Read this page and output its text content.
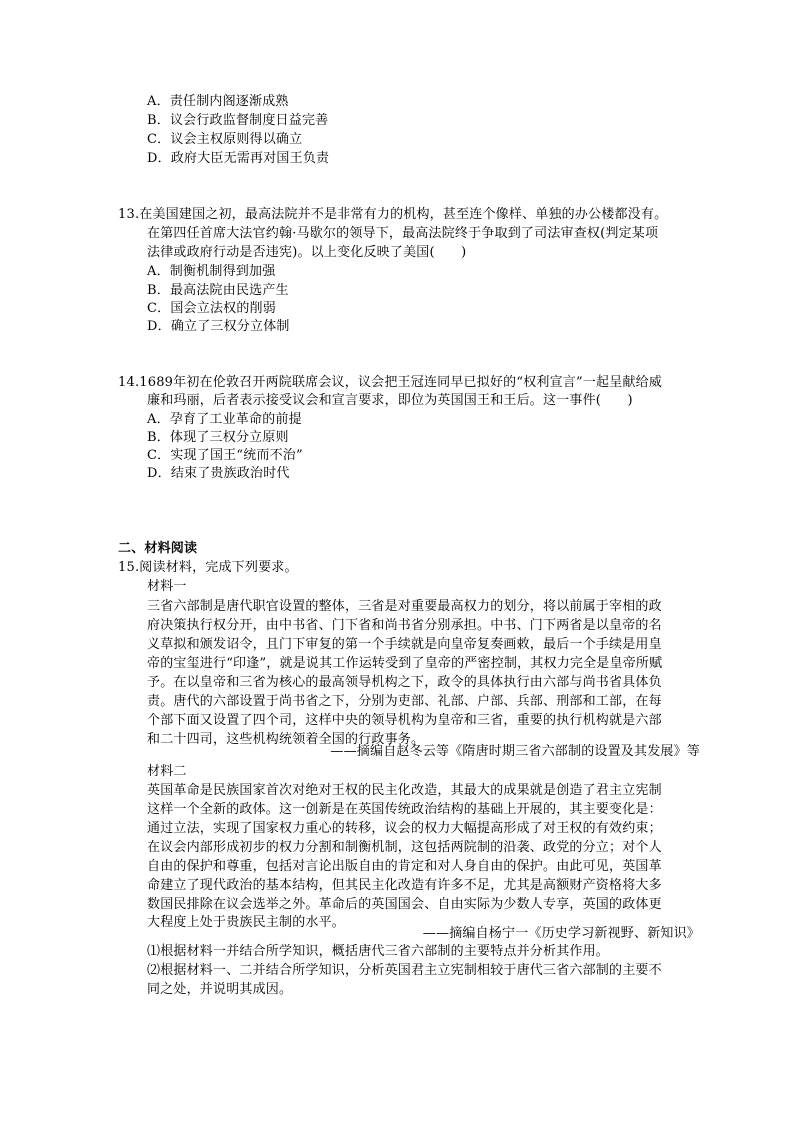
A．责任制内阁逐渐成熟
B．议会行政监督制度日益完善
C．议会主权原则得以确立
D．政府大臣无需再对国王负责
13.在美国建国之初，最高法院并不是非常有力的机构，甚至连个像样、单独的办公楼都没有。
在第四任首席大法官约翰·马歇尔的领导下，最高法院终于争取到了司法审查权(判定某项
法律或政府行动是否违宪)。以上变化反映了美国(　　)
A．制衡机制得到加强
B．最高法院由民选产生
C．国会立法权的削弱
D．确立了三权分立体制
14.1689年初在伦敦召开两院联席会议，议会把王冠连同早已拟好的“权利宣言”一起呈献给威
廉和玛丽，后者表示接受议会和宣言要求，即位为英国国王和王后。这一事件(　　)
A．孕育了工业革命的前提
B．体现了三权分立原则
C．实现了国王“统而不治”
D．结束了贵族政治时代
二、材料阅读
15.阅读材料，完成下列要求。
材料一
三省六部制是唐代职官设置的整体，三省是对重要最高权力的划分，将以前属于宰相的政
府决策执行权分开，由中书省、门下省和尚书省分别承担。中书、门下两省是以皇帝的名
义草拟和颁发诏令，且门下审复的第一个手续就是向皇帝复奏画敕，最后一个手续是用皇
帝的宝玺进行“印逢”，就是说其工作运转受到了皇帝的严密控制，其权力完全是皇帝所赋
予。在以皇帝和三省为核心的最高领导机构之下，政令的具体执行由六部与尚书省具体负
责。唐代的六部设置于尚书省之下，分别为吏部、礼部、户部、兵部、刑部和工部，在每
个部下面又设置了四个司，这样中央的领导机构为皇帝和三省，重要的执行机构就是六部
和二十四司，这些机构统领着全国的行政事务。
——摘编自赵冬云等《隋唐时期三省六部制的设置及其发展》等
材料二
英国革命是民族国家首次对绝对王权的民主化改造，其最大的成果就是创造了君主立宪制
这样一个全新的政体。这一创新是在英国传统政治结构的基础上开展的，其主要变化是：
通过立法，实现了国家权力重心的转移，议会的权力大幅提高形成了对王权的有效约束；
在议会内部形成初步的权力分割和制衡机制，这包括两院制的沿袭、政党的分立；对个人
自由的保护和尊重，包括对言论出版自由的肯定和对人身自由的保护。由此可见，英国革
命建立了现代政治的基本结构，但其民主化改造有许多不足，尤其是高额财产资格将大多
数国民排除在议会选举之外。革命后的英国国会、自由实际为少数人专享，英国的政体更
大程度上处于贵族民主制的水平。
——摘编自杨宁一《历史学习新视野、新知识》
⑴根据材料一并结合所学知识，概括唐代三省六部制的主要特点并分析其作用。
⑵根据材料一、二并结合所学知识，分析英国君主立宪制相较于唐代三省六部制的主要不
同之处，并说明其成因。
